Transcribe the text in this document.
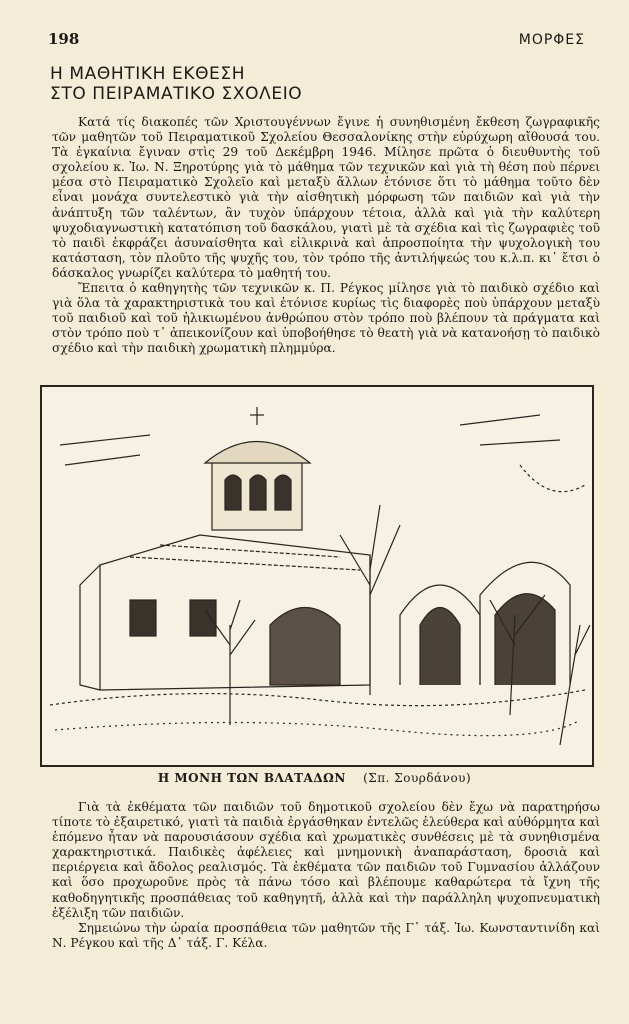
198	ΜΟΡΦΕΣ
Η ΜΑΘΗΤΙΚΗ ΕΚΘΕΣΗ
ΣΤΟ ΠΕΙΡΑΜΑΤΙΚΟ ΣΧΟΛΕΙΟ

Κατά τίς διακοπές τῶν Χριστουγέννων ἔγινε ἡ συνηθισμένη ἔκθεση ζωγραφικῆς τῶν μαθητῶν τοῦ Πειραματικοῦ Σχολείου Θεσσαλονίκης στὴν εὐρύχωρη αἴθουσά του. Τὰ ἐγκαίνια ἔγιναν στὶς 29 τοῦ Δεκέμβρη 1946. Μίλησε πρῶτα ὁ διευθυντὴς τοῦ σχολείου κ. Ἰω. Ν. Ξηροτύρης γιὰ τὸ μάθημα τῶν τεχνικῶν καὶ γιὰ τὴ θέση ποὺ πέρνει μέσα στὸ Πειραματικὸ Σχολεῖο καὶ μεταξὺ ἄλλων ἐτόνισε ὅτι τὸ μάθημα τοῦτο δὲν εἶναι μονάχα συντελεστικὸ γιὰ τὴν αἰσθητικὴ μόρφωση τῶν παιδιῶν καὶ γιὰ τὴν ἀνάπτυξη τῶν ταλέντων, ἂν τυχὸν ὑπάρχουν τέτοια, ἀλλὰ καὶ γιὰ τὴν καλύτερη ψυχοδιαγνωστικὴ κατατόπιση τοῦ δασκάλου, γιατὶ μὲ τὰ σχέδια καὶ τὶς ζωγραφιὲς τοῦ τὸ παιδὶ ἐκφράζει ἀσυναίσθητα καὶ εἰλικρινὰ καὶ ἀπροσποίητα τὴν ψυχολογικὴ του κατάσταση, τὸν πλοῦτο τῆς ψυχῆς του, τὸν τρόπο τῆς ἀντιλήψεώς του κ.λ.π. κι᾽ ἔτσι ὁ δάσκαλος γνωρίζει καλύτερα τὸ μαθητή του.

Ἔπειτα ὁ καθηγητὴς τῶν τεχνικῶν κ. Π. Ρέγκος μίλησε γιὰ τὸ παιδικὸ σχέδιο καὶ γιὰ ὅλα τὰ χαρακτηριστικὰ του καὶ ἐτόνισε κυρίως τὶς διαφορὲς ποὺ ὑπάρχουν μεταξὺ τοῦ παιδιοῦ καὶ τοῦ ἡλικιωμένου ἀνθρώπου στὸν τρόπο ποὺ βλέπουν τὰ πράγματα καὶ στὸν τρόπο ποὺ τ᾽ ἀπεικονίζουν καὶ ὑποβοήθησε τὸ θεατὴ γιὰ νὰ κατανοήσῃ τὸ παιδικὸ σχέδιο καὶ τὴν παιδικὴ χρωματικὴ πλημμύρα.

Η ΜΟΝΗ ΤΩΝ ΒΛΑΤΑΔΩΝ (Σπ. Σουρδάνου)

Γιὰ τὰ ἐκθέματα τῶν παιδιῶν τοῦ δημοτικοῦ σχολείου δὲν ἔχω νὰ παρατηρήσω τίποτε τὸ ἐξαιρετικό, γιατὶ τὰ παιδιὰ ἐργάσθηκαν ἐντελῶς ἐλεύθερα καὶ αὐθόρμητα καὶ ἑπόμενο ἦταν νὰ παρουσιάσουν σχέδια καὶ χρωματικὲς συνθέσεις μὲ τὰ συνηθισμένα χαρακτηριστικά. Παιδικὲς ἀφέλειες καὶ μνημονικὴ ἀναπαράσταση, δροσιὰ καὶ περιέργεια καὶ ἄδολος ρεαλισμός. Τὰ ἐκθέματα τῶν παιδιῶν τοῦ Γυμνασίου ἀλλάζουν καὶ ὅσο προχωροῦνε πρὸς τὰ πάνω τόσο καὶ βλέπουμε καθαρώτερα τὰ ἴχνη τῆς καθοδηγητικῆς προσπάθειας τοῦ καθηγητῆ, ἀλλὰ καὶ τὴν παράλληλη ψυχοπνευματικὴ ἐξέλιξη τῶν παιδιῶν.

Σημειώνω τὴν ὡραία προσπάθεια τῶν μαθητῶν τῆς Γ᾽ τάξ. Ἰω. Κωνσταντινίδη καὶ Ν. Ρέγκου καὶ τῆς Δ᾽ τάξ. Γ. Κέλα.
